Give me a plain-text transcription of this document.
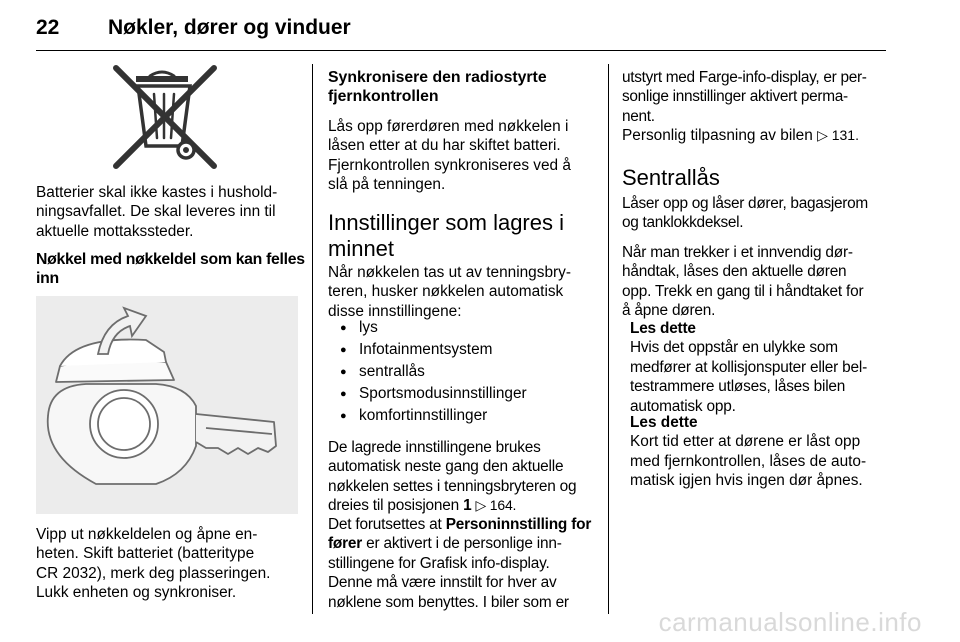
22 Nøkler, dører og vinduer

Batterier skal ikke kastes i hushold-
ningsavfallet. De skal leveres inn til
aktuelle mottakssteder.

Nøkkel med nøkkeldel som kan felles
inn

Vipp ut nøkkeldelen og åpne en-
heten. Skift batteriet (batteritype
CR 2032), merk deg plasseringen.
Lukk enheten og synkroniser.

Synkronisere den radiostyrte
fjernkontrollen

Lås opp førerdøren med nøkkelen i
låsen etter at du har skiftet batteri.
Fjernkontrollen synkroniseres ved å
slå på tenningen.

Innstillinger som lagres i
minnet

Når nøkkelen tas ut av tenningsbry-
teren, husker nøkkelen automatisk
disse innstillingene:

● lys
● Infotainmentsystem
● sentrallås
● Sportsmodusinnstillinger
● komfortinnstillinger

De lagrede innstillingene brukes
automatisk neste gang den aktuelle
nøkkelen settes i tenningsbryteren og
dreies til posisjonen 1 ▷ 164.

Det forutsettes at Personinnstilling for
fører er aktivert i de personlige inn-
stillingene for Grafisk info-display.
Denne må være innstilt for hver av
nøklene som benyttes. I biler som er

utstyrt med Farge-info-display, er per-
sonlige innstillinger aktivert perma-
nent.

Personlig tilpasning av bilen ▷ 131.

Sentrallås

Låser opp og låser dører, bagasjerom
og tanklokkdeksel.

Når man trekker i et innvendig dør-
håndtak, låses den aktuelle døren
opp. Trekk en gang til i håndtaket for
å åpne døren.

Les dette
Hvis det oppstår en ulykke som
medfører at kollisjonsputer eller bel-
testrammere utløses, låses bilen
automatisk opp.

Les dette
Kort tid etter at dørene er låst opp
med fjernkontrollen, låses de auto-
matisk igjen hvis ingen dør åpnes.

carmanualsonline.info
